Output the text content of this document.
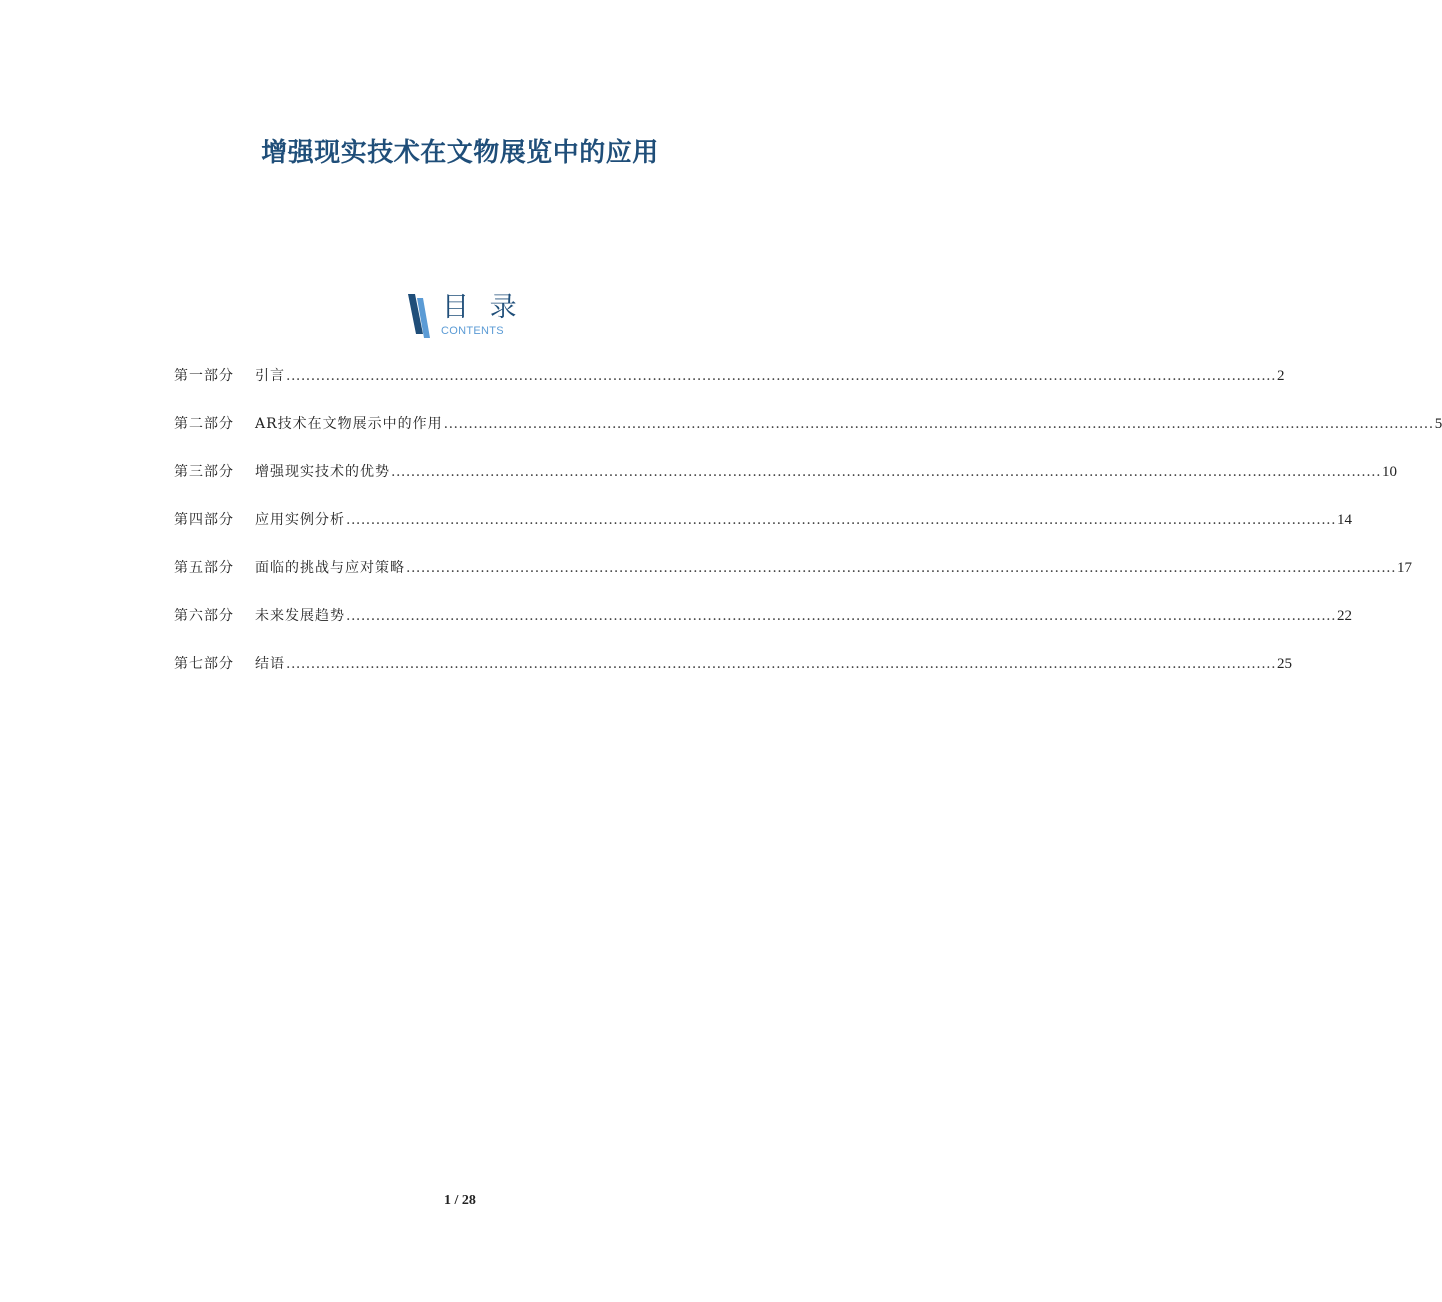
增强现实技术在文物展览中的应用
目 录
CONTENTS
第一部分	引言 ........................................................................................................................................................................................................ 2
第二部分	AR技术在文物展示中的作用 ........................................................................................................................................................................................................ 5
第三部分	增强现实技术的优势 ........................................................................................................................................................................................................ 10
第四部分	应用实例分析 ........................................................................................................................................................................................................ 14
第五部分	面临的挑战与应对策略 ........................................................................................................................................................................................................ 17
第六部分	未来发展趋势 ........................................................................................................................................................................................................ 22
第七部分	结语 ........................................................................................................................................................................................................ 25
1 / 28
